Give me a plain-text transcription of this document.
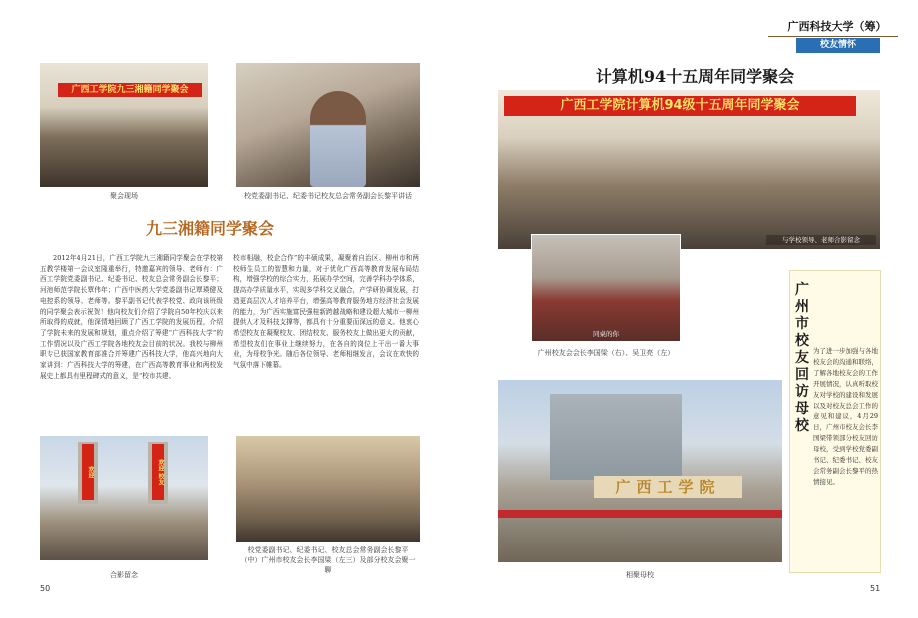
广西科技大学（筹）
校友情怀
广西工学院九三湘籍同学聚会
聚会现场	校党委副书记、纪委书记校友总会常务副会长黎平讲话
九三湘籍同学聚会
2012年4月21日，广西工学院九三湘籍同学聚会在学校第五教学楼第一会议室隆重举行，特邀嘉宾的领导、老师有：广西工学院党委副书记、纪委书记、校友总会常务副会长黎平；河池师范学院长覃伟年；广西中医药大学党委副书记覃瑛健及电控系的领导、老师等。黎平副书记代表学校党、政向该班级的同学聚会表示祝贺！他向校友们介绍了学院自50年校庆以来所取得的成就，他深情地回顾了广西工学院的发展历程，介绍了学院未来的发展和规划，重点介绍了筹建“广西科技大学”的工作情况以及广西工学院各地校友会目前的状况。我校与柳州职专已获国家教育部准合并筹建广西科技大学，他高兴地向大家讲到：广西科技大学的筹建，在广西高等教育事业和两校发展史上都具有里程碑式的意义，是“校市共建、
校市相融，校企合作”的丰硕成果，凝聚着自治区、柳州市和两校师生员工的智慧和力量，对于优化广西高等教育发展布局结构，增强学校的综合实力，拓展办学空间，完善学科办学体系，提高办学质量水平，实现多学科交叉融合，产学研协调发展，打造更高层次人才培养平台，增强高等教育服务地方经济社会发展的能力，为广西实施富民强桂新跨越战略和建设超大城市一柳州提供人才及科技支撑等，都具有十分重要而深远的意义。他衷心希望校友在凝聚校友、团结校友、服务校友上做出更大的贡献，希望校友们在事业上继续努力，在各自的岗位上干出一番大事业，为母校争光。随后各位领导、老师相继发言，会议在欢快的气氛中落下帷幕。
欢迎	欢迎 校友
合影留念
校党委副书记、纪委书记、校友总会常务副会长黎平（中）广州市校友会长李国梁（左三）及部分校友会聚一聊
50
计算机94十五周年同学聚会
广西工学院计算机94级十五周年同学聚会
与学校领导、老师合影留念
同桌的你
广州校友会会长李国梁（右）、吴卫亮（左）
广西工学院
相聚母校
广州市校友回访母校
为了进一步加强与各地校友会的沟通和联络，了解各地校友会的工作开展情况，认真听取校友对学校的建设和发展以及对校友总会工作的意见和建议，4月29日，广州市校友会长李国梁带领部分校友回访母校，受到学校党委副书记、纪委书记、校友会常务副会长黎平的热情接见。
51
